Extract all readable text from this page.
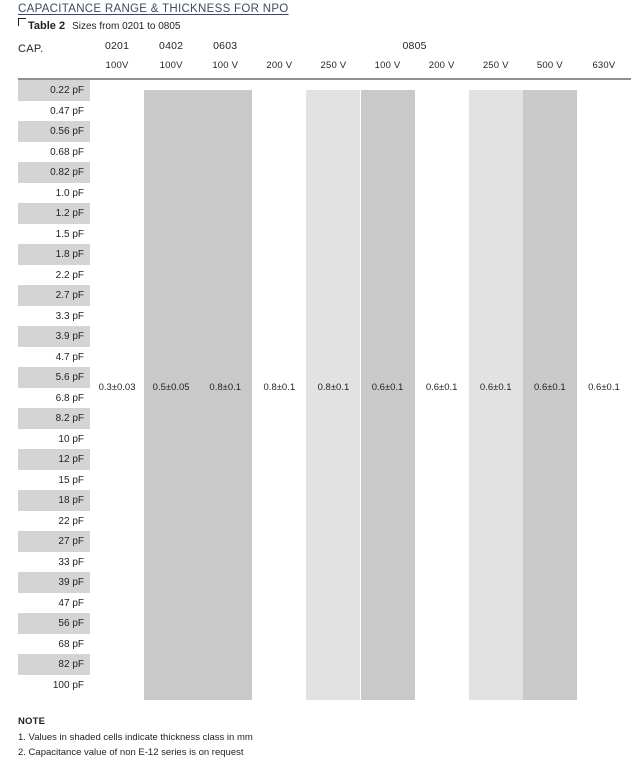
CAPACITANCE RANGE & THICKNESS FOR NPO
Table 2 Sizes from 0201 to 0805
CAP.	0201	0402	0603	0805
100V	100V	100 V	200 V	250 V	100 V	200 V	250 V	500 V	630V
0.22 pF
0.47 pF
0.56 pF
0.68 pF
0.82 pF
1.0 pF
1.2 pF
1.5 pF
1.8 pF
2.2 pF
2.7 pF
3.3 pF
3.9 pF
4.7 pF
5.6 pF
6.8 pF
8.2 pF
10 pF
12 pF
15 pF
18 pF
22 pF
27 pF
33 pF
39 pF
47 pF
56 pF
68 pF
82 pF
100 pF
0.3±0.03	0.5±0.05	0.8±0.1	0.8±0.1	0.8±0.1	0.6±0.1	0.6±0.1	0.6±0.1	0.6±0.1	0.6±0.1
NOTE
1. Values in shaded cells indicate thickness class in mm
2. Capacitance value of non E-12 series is on request
